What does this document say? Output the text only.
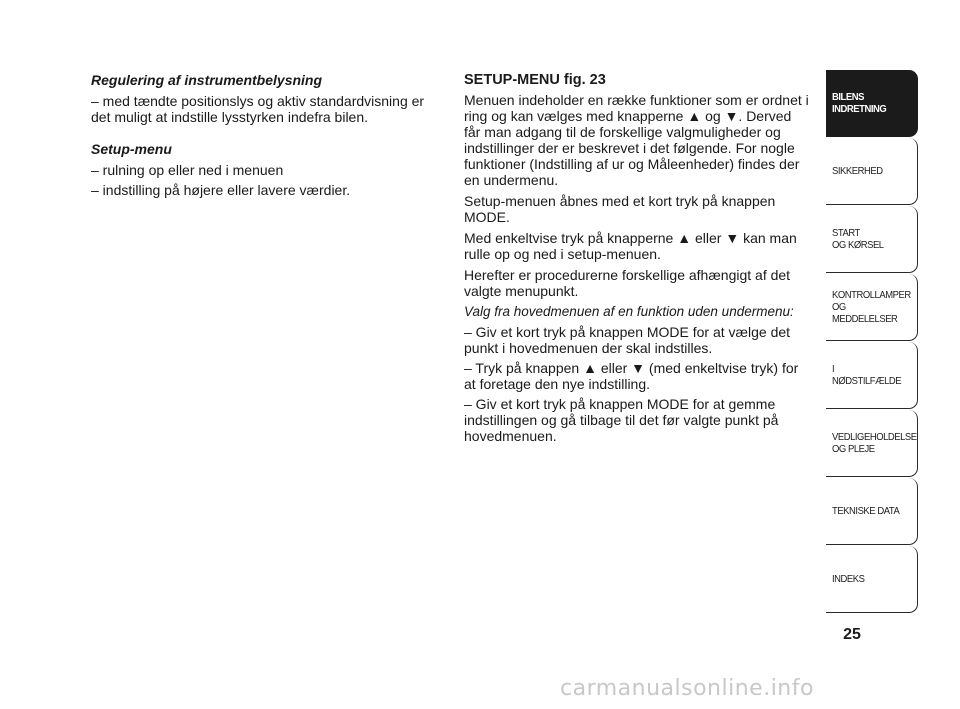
Regulering af instrumentbelysning

– med tændte positionslys og aktiv standardvisning er det muligt at indstille lysstyrken indefra bilen.

Setup-menu

– rulning op eller ned i menuen

– indstilling på højere eller lavere værdier.

SETUP-MENU fig. 23

Menuen indeholder en række funktioner som er ordnet i ring og kan vælges med knapperne ▲ og ▼. Derved får man adgang til de forskellige valgmuligheder og indstillinger der er beskrevet i det følgende. For nogle funktioner (Indstilling af ur og Måleenheder) findes der en undermenu.

Setup-menuen åbnes med et kort tryk på knappen MODE.

Med enkeltvise tryk på knapperne ▲ eller ▼ kan man rulle op og ned i setup-menuen.

Herefter er procedurerne forskellige afhængigt af det valgte menupunkt.

Valg fra hovedmenuen af en funktion uden undermenu:

– Giv et kort tryk på knappen MODE for at vælge det punkt i hovedmenuen der skal indstilles.

– Tryk på knappen ▲ eller ▼ (med enkeltvise tryk) for at foretage den nye indstilling.

– Giv et kort tryk på knappen MODE for at gemme indstillingen og gå tilbage til det før valgte punkt på hovedmenuen.

BILENS
INDRETNING
SIKKERHED
START
OG KØRSEL
KONTROLLAMPER
OG MEDDELELSER
I NØDSTILFÆLDE
VEDLIGEHOLDELSE
OG PLEJE
TEKNISKE DATA
INDEKS
25
carmanualsonline.info
